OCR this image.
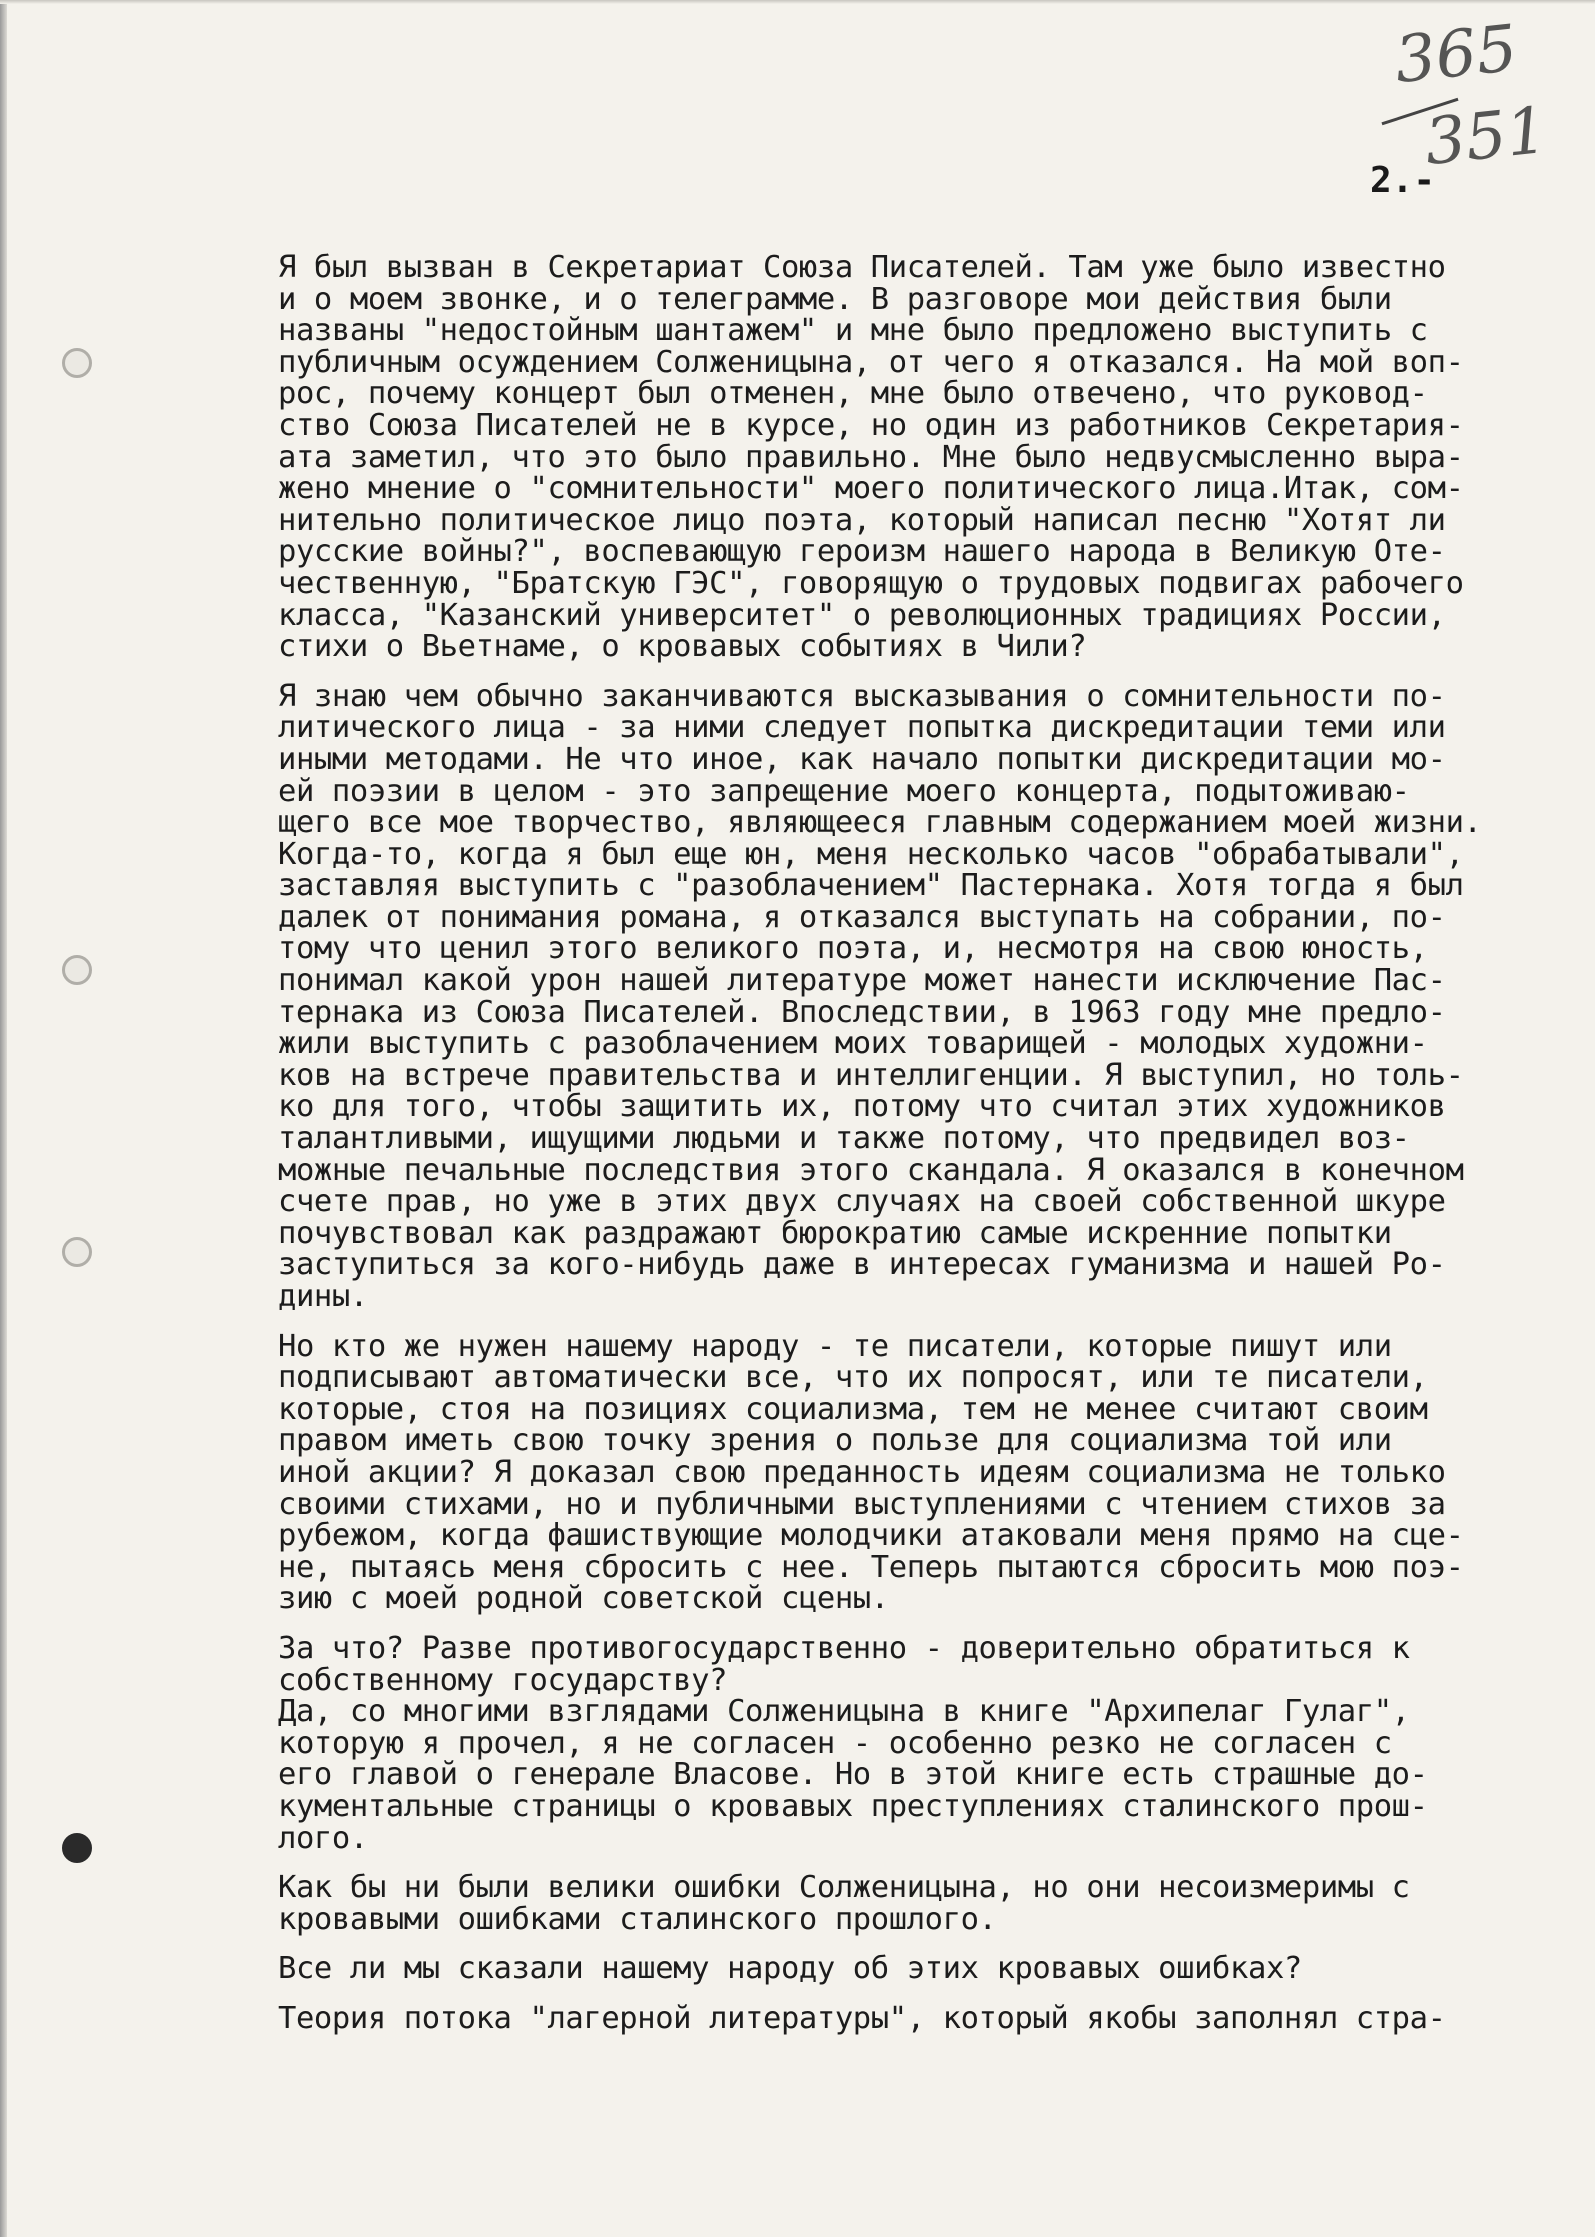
365

351

2.-

Я был вызван в Секретариат Союза Писателей. Там уже было известно

и о моем звонке, и о телеграмме. В разговоре мои действия были

названы "недостойным шантажем" и мне было предложено выступить с

публичным осуждением Солженицына, от чего я отказался. На мой воп-

рос, почему концерт был отменен, мне было отвечено, что руковод-

ство Союза Писателей не в курсе, но один из работников Секретария-

ата заметил, что это было правильно. Мне было недвусмысленно выра-

жено мнение о "сомнительности" моего политического лица.Итак, сом-

нительно политическое лицо поэта, который написал песню "Хотят ли

русские войны?", воспевающую героизм нашего народа в Великую Оте-

чественную, "Братскую ГЭС", говорящую о трудовых подвигах рабочего

класса, "Казанский университет" о революционных традициях России,

стихи о Вьетнаме, о кровавых событиях в Чили?

Я знаю чем обычно заканчиваются высказывания о сомнительности по-

литического лица - за ними следует попытка дискредитации теми или

иными методами. Не что иное, как начало попытки дискредитации мо-

ей поэзии в целом - это запрещение моего концерта, подытоживаю-

щего все мое творчество, являющееся главным содержанием моей жизни.

Когда-то, когда я был еще юн, меня несколько часов "обрабатывали",

заставляя выступить с "разоблачением" Пастернака. Хотя тогда я был

далек от понимания романа, я отказался выступать на собрании, по-

тому что ценил этого великого поэта, и, несмотря на свою юность,

понимал какой урон нашей литературе может нанести исключение Пас-

тернака из Союза Писателей. Впоследствии, в 1963 году мне предло-

жили выступить с разоблачением моих товарищей - молодых художни-

ков на встрече правительства и интеллигенции. Я выступил, но толь-

ко для того, чтобы защитить их, потому что считал этих художников

талантливыми, ищущими людьми и также потому, что предвидел воз-

можные печальные последствия этого скандала. Я оказался в конечном

счете прав, но уже в этих двух случаях на своей собственной шкуре

почувствовал как раздражают бюрократию самые искренние попытки

заступиться за кого-нибудь даже в интересах гуманизма и нашей Ро-

дины.

Но кто же нужен нашему народу - те писатели, которые пишут или

подписывают автоматически все, что их попросят, или те писатели,

которые, стоя на позициях социализма, тем не менее считают своим

правом иметь свою точку зрения о пользе для социализма той или

иной акции? Я доказал свою преданность идеям социализма не только

своими стихами, но и публичными выступлениями с чтением стихов за

рубежом, когда фашиствующие молодчики атаковали меня прямо на сце-

не, пытаясь меня сбросить с нее. Теперь пытаются сбросить мою поэ-

зию с моей родной советской сцены.

За что? Разве противогосударственно - доверительно обратиться к

собственному государству?

Да, со многими взглядами Солженицына в книге "Архипелаг Гулаг",

которую я прочел, я не согласен - особенно резко не согласен с

его главой о генерале Власове. Но в этой книге есть страшные до-

кументальные страницы о кровавых преступлениях сталинского прош-

лого.

Как бы ни были велики ошибки Солженицына, но они несоизмеримы с

кровавыми ошибками сталинского прошлого.

Все ли мы сказали нашему народу об этих кровавых ошибках?

Теория потока "лагерной литературы", который якобы заполнял стра-
